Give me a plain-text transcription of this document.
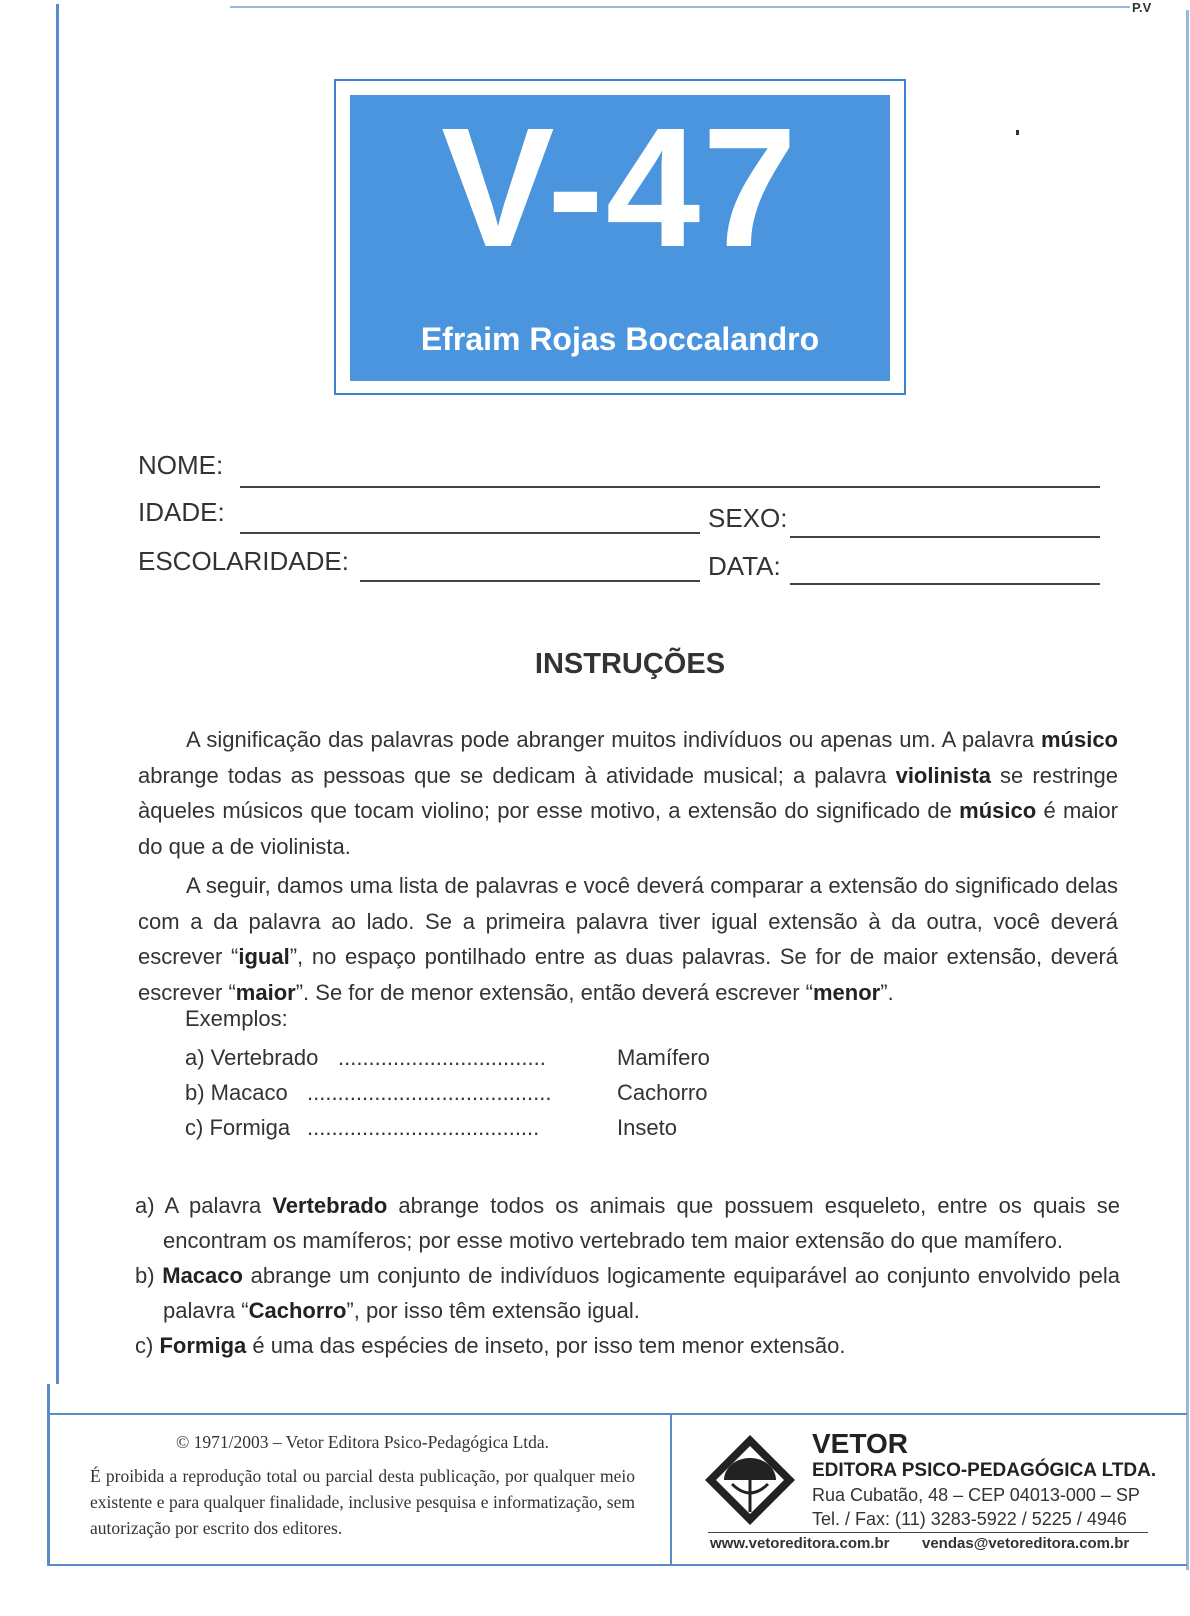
P.V
V-47
Efraim Rojas Boccalandro
NOME:
IDADE:	SEXO:
ESCOLARIDADE:	DATA:
INSTRUÇÕES

A significação das palavras pode abranger muitos indivíduos ou apenas um. A palavra músico abrange todas as pessoas que se dedicam à atividade musical; a palavra violinista se restringe àqueles músicos que tocam violino; por esse motivo, a extensão do significado de músico é maior do que a de violinista.

A seguir, damos uma lista de palavras e você deverá comparar a extensão do significado delas com a da palavra ao lado. Se a primeira palavra tiver igual extensão à da outra, você deverá escrever “igual”, no espaço pontilhado entre as duas palavras. Se for de maior extensão, deverá escrever “maior”. Se for de menor extensão, então deverá escrever “menor”.

Exemplos:
a) Vertebrado ..................................	Mamífero
b) Macaco ........................................	Cachorro
c) Formiga ......................................	Inseto
a) A palavra Vertebrado abrange todos os animais que possuem esqueleto, entre os quais se encontram os mamíferos; por esse motivo vertebrado tem maior extensão do que mamífero.
b) Macaco abrange um conjunto de indivíduos logicamente equiparável ao conjunto envolvido pela palavra “Cachorro”, por isso têm extensão igual.
c) Formiga é uma das espécies de inseto, por isso tem menor extensão.
© 1971/2003 – Vetor Editora Psico-Pedagógica Ltda.
É proibida a reprodução total ou parcial desta publicação, por qualquer meio existente e para qualquer finalidade, inclusive pesquisa e informatização, sem autorização por escrito dos editores.
VETOR
EDITORA PSICO-PEDAGÓGICA LTDA.
Rua Cubatão, 48 – CEP 04013-000 – SP
Tel. / Fax: (11) 3283-5922 / 5225 / 4946
www.vetoreditora.com.br vendas@vetoreditora.com.br
